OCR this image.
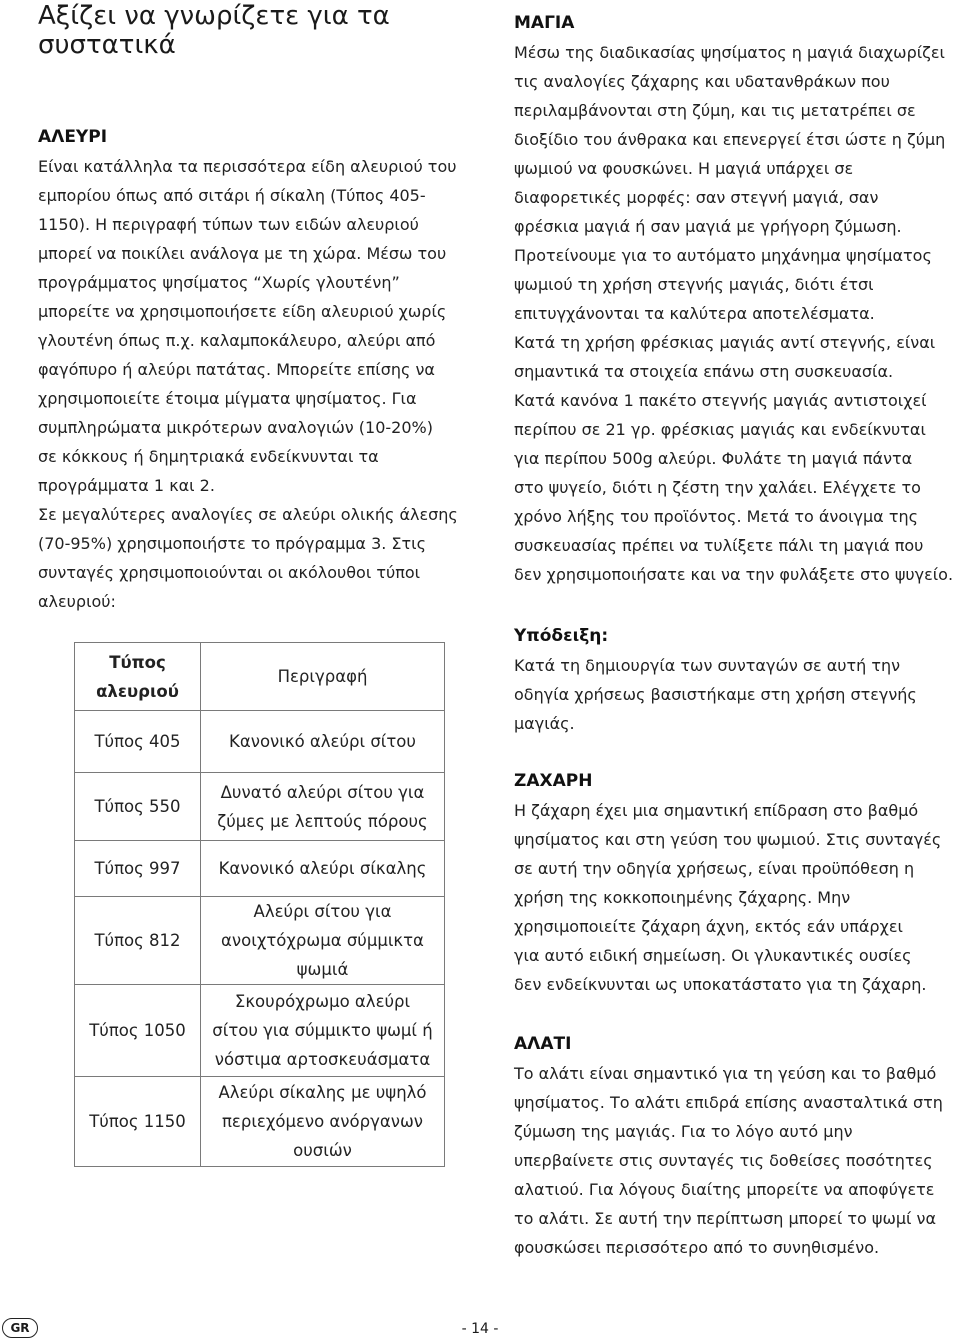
Αξίζει να γνωρίζετε για τα συστατικά
ΑΛΕΥΡΙ
Είναι κατάλληλα τα περισσότερα είδη αλευριού του
εμπορίου όπως από σιτάρι ή σίκαλη (Τύπος 405-
1150). Η περιγραφή τύπων των ειδών αλευριού
μπορεί να ποικίλει ανάλογα με τη χώρα. Μέσω του
προγράμματος ψησίματος “Χωρίς γλουτένη”
μπορείτε να χρησιμοποιήσετε είδη αλευριού χωρίς
γλουτένη όπως π.χ. καλαμποκάλευρο, αλεύρι από
φαγόπυρο ή αλεύρι πατάτας. Μπορείτε επίσης να
χρησιμοποιείτε έτοιμα μίγματα ψησίματος. Για
συμπληρώματα μικρότερων αναλογιών (10-20%)
σε κόκκους ή δημητριακά ενδείκνυνται τα
προγράμματα 1 και 2.
Σε μεγαλύτερες αναλογίες σε αλεύρι ολικής άλεσης
(70-95%) χρησιμοποιήστε το πρόγραμμα 3. Στις
συνταγές χρησιμοποιούνται οι ακόλουθοι τύποι
αλευριού:
Τύπος
αλευριού	Περιγραφή
Τύπος 405	Κανονικό αλεύρι σίτου

Τύπος 550	Δυνατό αλεύρι σίτου για
ζύμες με λεπτούς πόρους

Τύπος 997	Κανονικό αλεύρι σίκαλης

Τύπος 812	Αλεύρι σίτου για
ανοιχτόχρωμα σύμμικτα
ψωμιά

Τύπος 1050	Σκουρόχρωμο αλεύρι
σίτου για σύμμικτο ψωμί ή
νόστιμα αρτοσκευάσματα

Τύπος 1150	Αλεύρι σίκαλης με υψηλό
περιεχόμενο ανόργανων
ουσιών
ΜΑΓΙΑ
Μέσω της διαδικασίας ψησίματος η μαγιά διαχωρίζει
τις αναλογίες ζάχαρης και υδατανθράκων που
περιλαμβάνονται στη ζύμη, και τις μετατρέπει σε
διοξίδιο του άνθρακα και επενεργεί έτσι ώστε η ζύμη
ψωμιού να φουσκώνει. Η μαγιά υπάρχει σε
διαφορετικές μορφές: σαν στεγνή μαγιά, σαν
φρέσκια μαγιά ή σαν μαγιά με γρήγορη ζύμωση.
Προτείνουμε για το αυτόματο μηχάνημα ψησίματος
ψωμιού τη χρήση στεγνής μαγιάς, διότι έτσι
επιτυγχάνονται τα καλύτερα αποτελέσματα.
Κατά τη χρήση φρέσκιας μαγιάς αντί στεγνής, είναι
σημαντικά τα στοιχεία επάνω στη συσκευασία.
Κατά κανόνα 1 πακέτο στεγνής μαγιάς αντιστοιχεί
περίπου σε 21 γρ. φρέσκιας μαγιάς και ενδείκνυται
για περίπου 500g αλεύρι. Φυλάτε τη μαγιά πάντα
στο ψυγείο, διότι η ζέστη την χαλάει. Ελέγχετε το
χρόνο λήξης του προϊόντος. Μετά το άνοιγμα της
συσκευασίας πρέπει να τυλίξετε πάλι τη μαγιά που
δεν χρησιμοποιήσατε και να την φυλάξετε στο ψυγείο.
Υπόδειξη:
Κατά τη δημιουργία των συνταγών σε αυτή την
οδηγία χρήσεως βασιστήκαμε στη χρήση στεγνής
μαγιάς.
ΖΑΧΑΡΗ
Η ζάχαρη έχει μια σημαντική επίδραση στο βαθμό
ψησίματος και στη γεύση του ψωμιού. Στις συνταγές
σε αυτή την οδηγία χρήσεως, είναι προϋπόθεση η
χρήση της κοκκοποιημένης ζάχαρης. Μην
χρησιμοποιείτε ζάχαρη άχνη, εκτός εάν υπάρχει
για αυτό ειδική σημείωση. Οι γλυκαντικές ουσίες
δεν ενδείκνυνται ως υποκατάστατο για τη ζάχαρη.
ΑΛΑΤΙ
Το αλάτι είναι σημαντικό για τη γεύση και το βαθμό
ψησίματος. Το αλάτι επιδρά επίσης ανασταλτικά στη
ζύμωση της μαγιάς. Για το λόγο αυτό μην
υπερβαίνετε στις συνταγές τις δοθείσες ποσότητες
αλατιού. Για λόγους διαίτης μπορείτε να αποφύγετε
το αλάτι. Σε αυτή την περίπτωση μπορεί το ψωμί να
φουσκώσει περισσότερο από το συνηθισμένο.
GR	- 14 -
